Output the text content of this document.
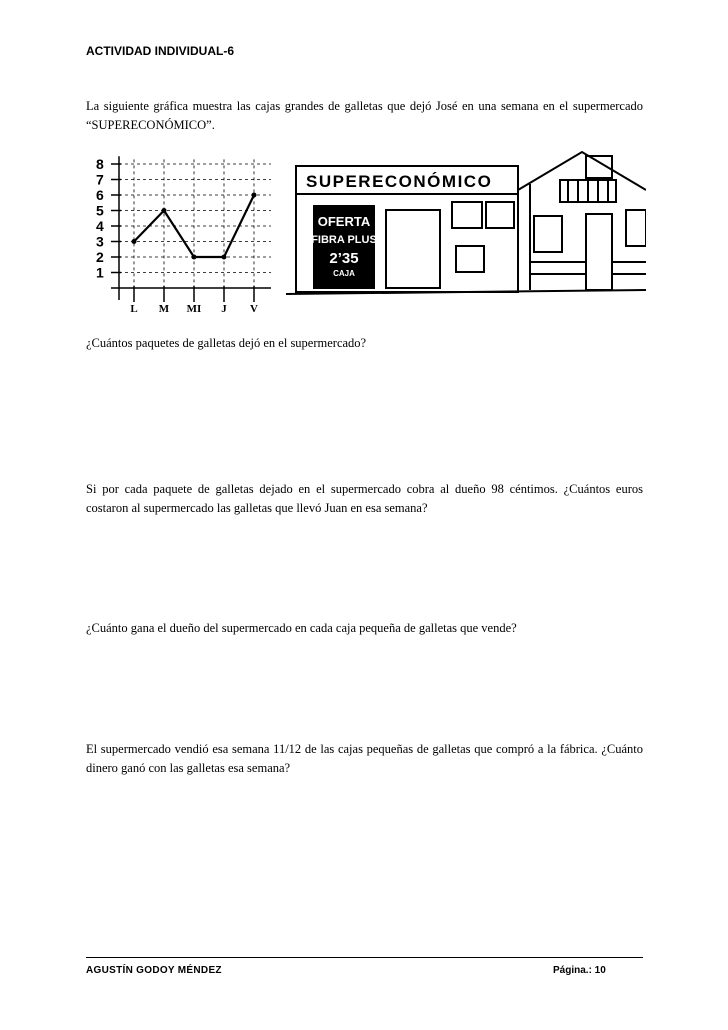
ACTIVIDAD INDIVIDUAL-6
La siguiente gráfica muestra las cajas grandes de galletas que dejó José en una semana en el supermercado “SUPERECONÓMICO”.
1
2
3
4
5
6
7
8
L M MI J V
SUPERECONÓMICO
OFERTA
FIBRA PLUS
2’35
CAJA
¿Cuántos paquetes de galletas dejó en el supermercado?
Si por cada paquete de galletas dejado en el supermercado cobra al dueño 98 céntimos. ¿Cuántos euros costaron al supermercado las galletas que llevó Juan en esa semana?
¿Cuánto gana el dueño del supermercado en cada caja pequeña de galletas que vende?
El supermercado vendió esa semana 11/12 de las cajas pequeñas de galletas que compró a la fábrica. ¿Cuánto dinero ganó con las galletas esa semana?
AGUSTÍN GODOY MÉNDEZ	Página.: 10
